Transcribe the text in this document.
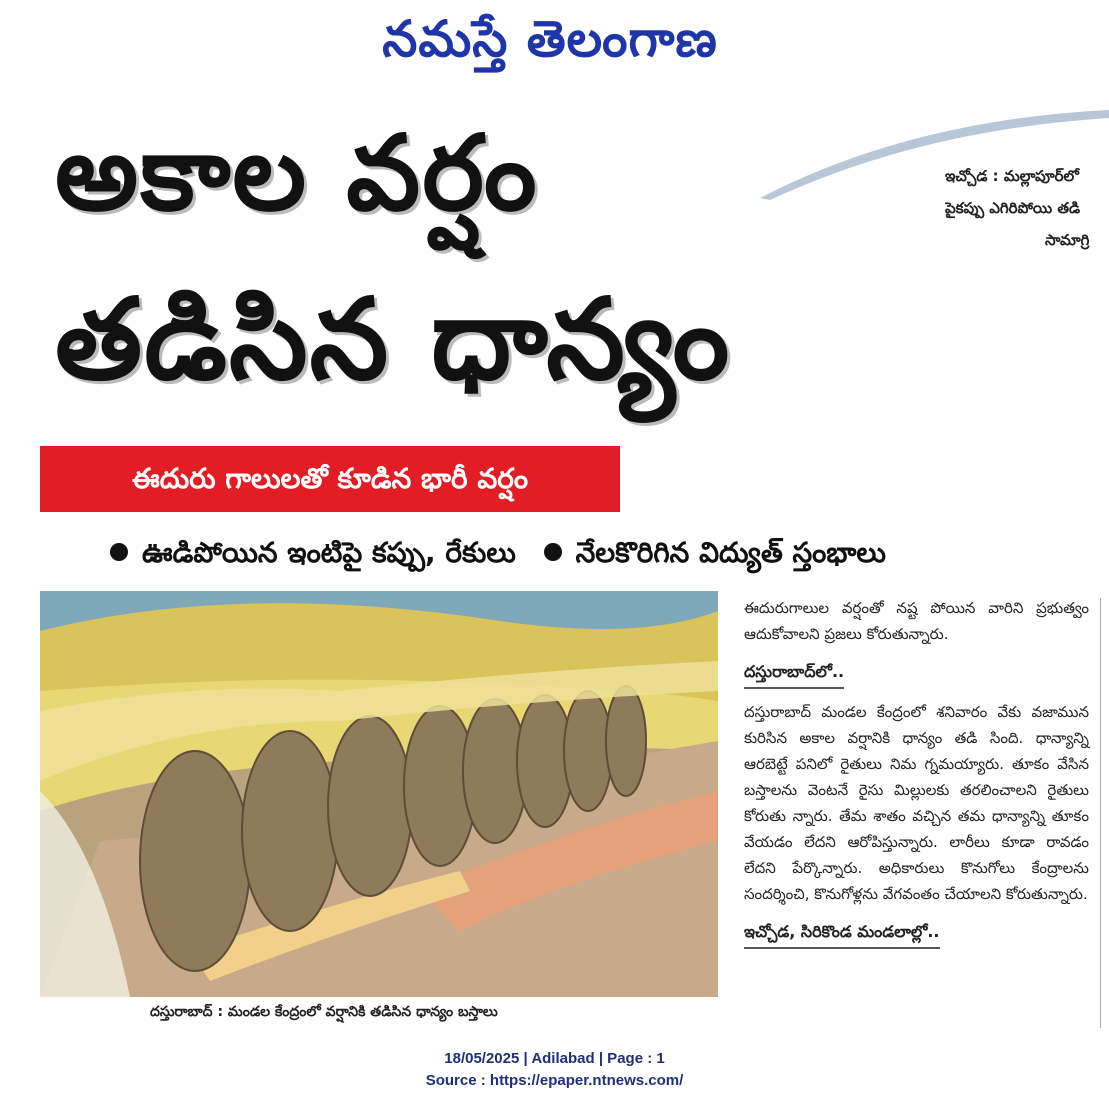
నమస్తే తెలంగాణ
అకాల వర్షం
తడిసిన ధాన్యం
ఇచ్చోడ : మల్లాపూర్‌లో
పైకప్పు ఎగిరిపోయి తడి
సామాగ్రి
ఈదురు గాలులతో కూడిన భారీ వర్షం
ఊడిపోయిన ఇంటిపై కప్పు, రేకులు నేలకొరిగిన విద్యుత్‌ స్తంభాలు
దస్తురాబాద్‌ : మండల కేంద్రంలో వర్షానికి తడిసిన ధాన్యం బస్తాలు

ఈదురుగాలుల వర్షంతో నష్ట పోయిన వారిని ప్రభుత్వం ఆదుకోవాలని ప్రజలు కోరుతున్నారు.

దస్తురాబాద్‌లో..

దస్తురాబాద్‌ మండల కేంద్రంలో శనివారం వేకు వజామున కురిసిన అకాల వర్షానికి ధాన్యం తడి సింది. ధాన్యాన్ని ఆరబెట్టే పనిలో రైతులు నిమ గ్నమయ్యారు. తూకం వేసిన బస్తాలను వెంటనే రైసు మిల్లులకు తరలించాలని రైతులు కోరుతు న్నారు. తేమ శాతం వచ్చిన తమ ధాన్యాన్ని తూకం వేయడం లేదని ఆరోపిస్తున్నారు. లారీలు కూడా రావడం లేదని పేర్కొన్నారు. అధికారులు కొనుగోలు కేంద్రాలను సందర్శించి, కొనుగోళ్లను వేగవంతం చేయాలని కోరుతున్నారు.

ఇచ్చోడ, సిరికొండ మండలాల్లో..
18/05/2025 | Adilabad | Page : 1
Source : https://epaper.ntnews.com/
